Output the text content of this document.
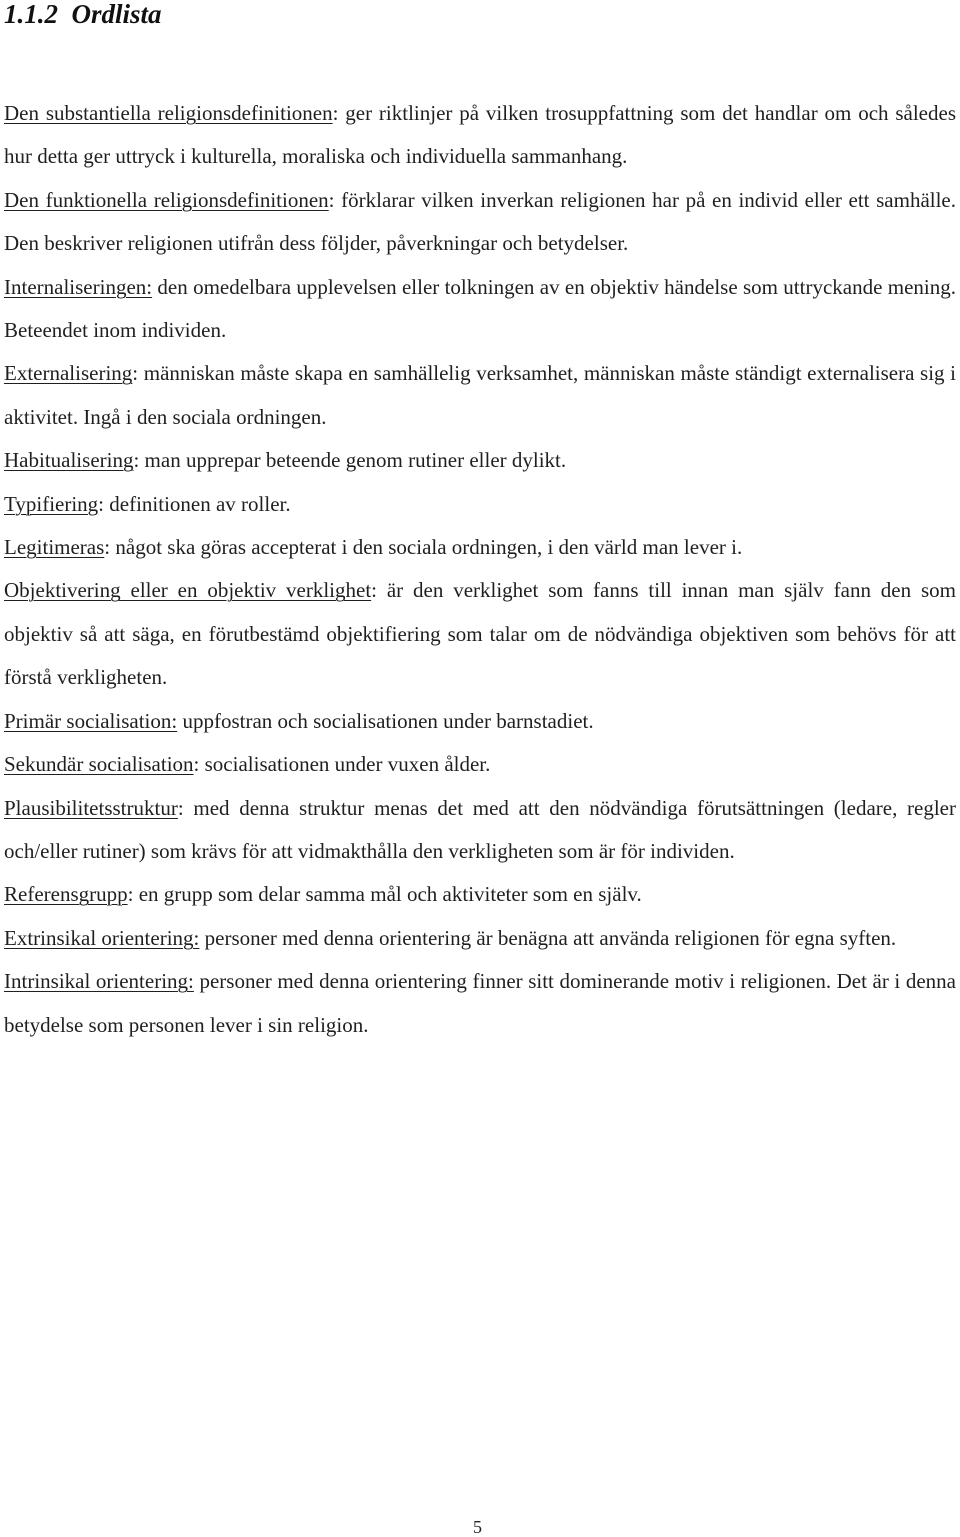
1.1.2 Ordlista

Den substantiella religionsdefinitionen: ger riktlinjer på vilken trosuppfattning som det handlar om och således hur detta ger uttryck i kulturella, moraliska och individuella sammanhang.

Den funktionella religionsdefinitionen: förklarar vilken inverkan religionen har på en individ eller ett samhälle. Den beskriver religionen utifrån dess följder, påverkningar och betydelser.

Internaliseringen: den omedelbara upplevelsen eller tolkningen av en objektiv händelse som uttryckande mening. Beteendet inom individen.

Externalisering: människan måste skapa en samhällelig verksamhet, människan måste ständigt externalisera sig i aktivitet. Ingå i den sociala ordningen.

Habitualisering: man upprepar beteende genom rutiner eller dylikt.

Typifiering: definitionen av roller.

Legitimeras: något ska göras accepterat i den sociala ordningen, i den värld man lever i.

Objektivering eller en objektiv verklighet: är den verklighet som fanns till innan man själv fann den som objektiv så att säga, en förutbestämd objektifiering som talar om de nödvändiga objektiven som behövs för att förstå verkligheten.

Primär socialisation: uppfostran och socialisationen under barnstadiet.

Sekundär socialisation: socialisationen under vuxen ålder.

Plausibilitetsstruktur: med denna struktur menas det med att den nödvändiga förutsättningen (ledare, regler och/eller rutiner) som krävs för att vidmakthålla den verkligheten som är för individen.

Referensgrupp: en grupp som delar samma mål och aktiviteter som en själv.

Extrinsikal orientering: personer med denna orientering är benägna att använda religionen för egna syften.

Intrinsikal orientering: personer med denna orientering finner sitt dominerande motiv i religionen. Det är i denna betydelse som personen lever i sin religion.

5
